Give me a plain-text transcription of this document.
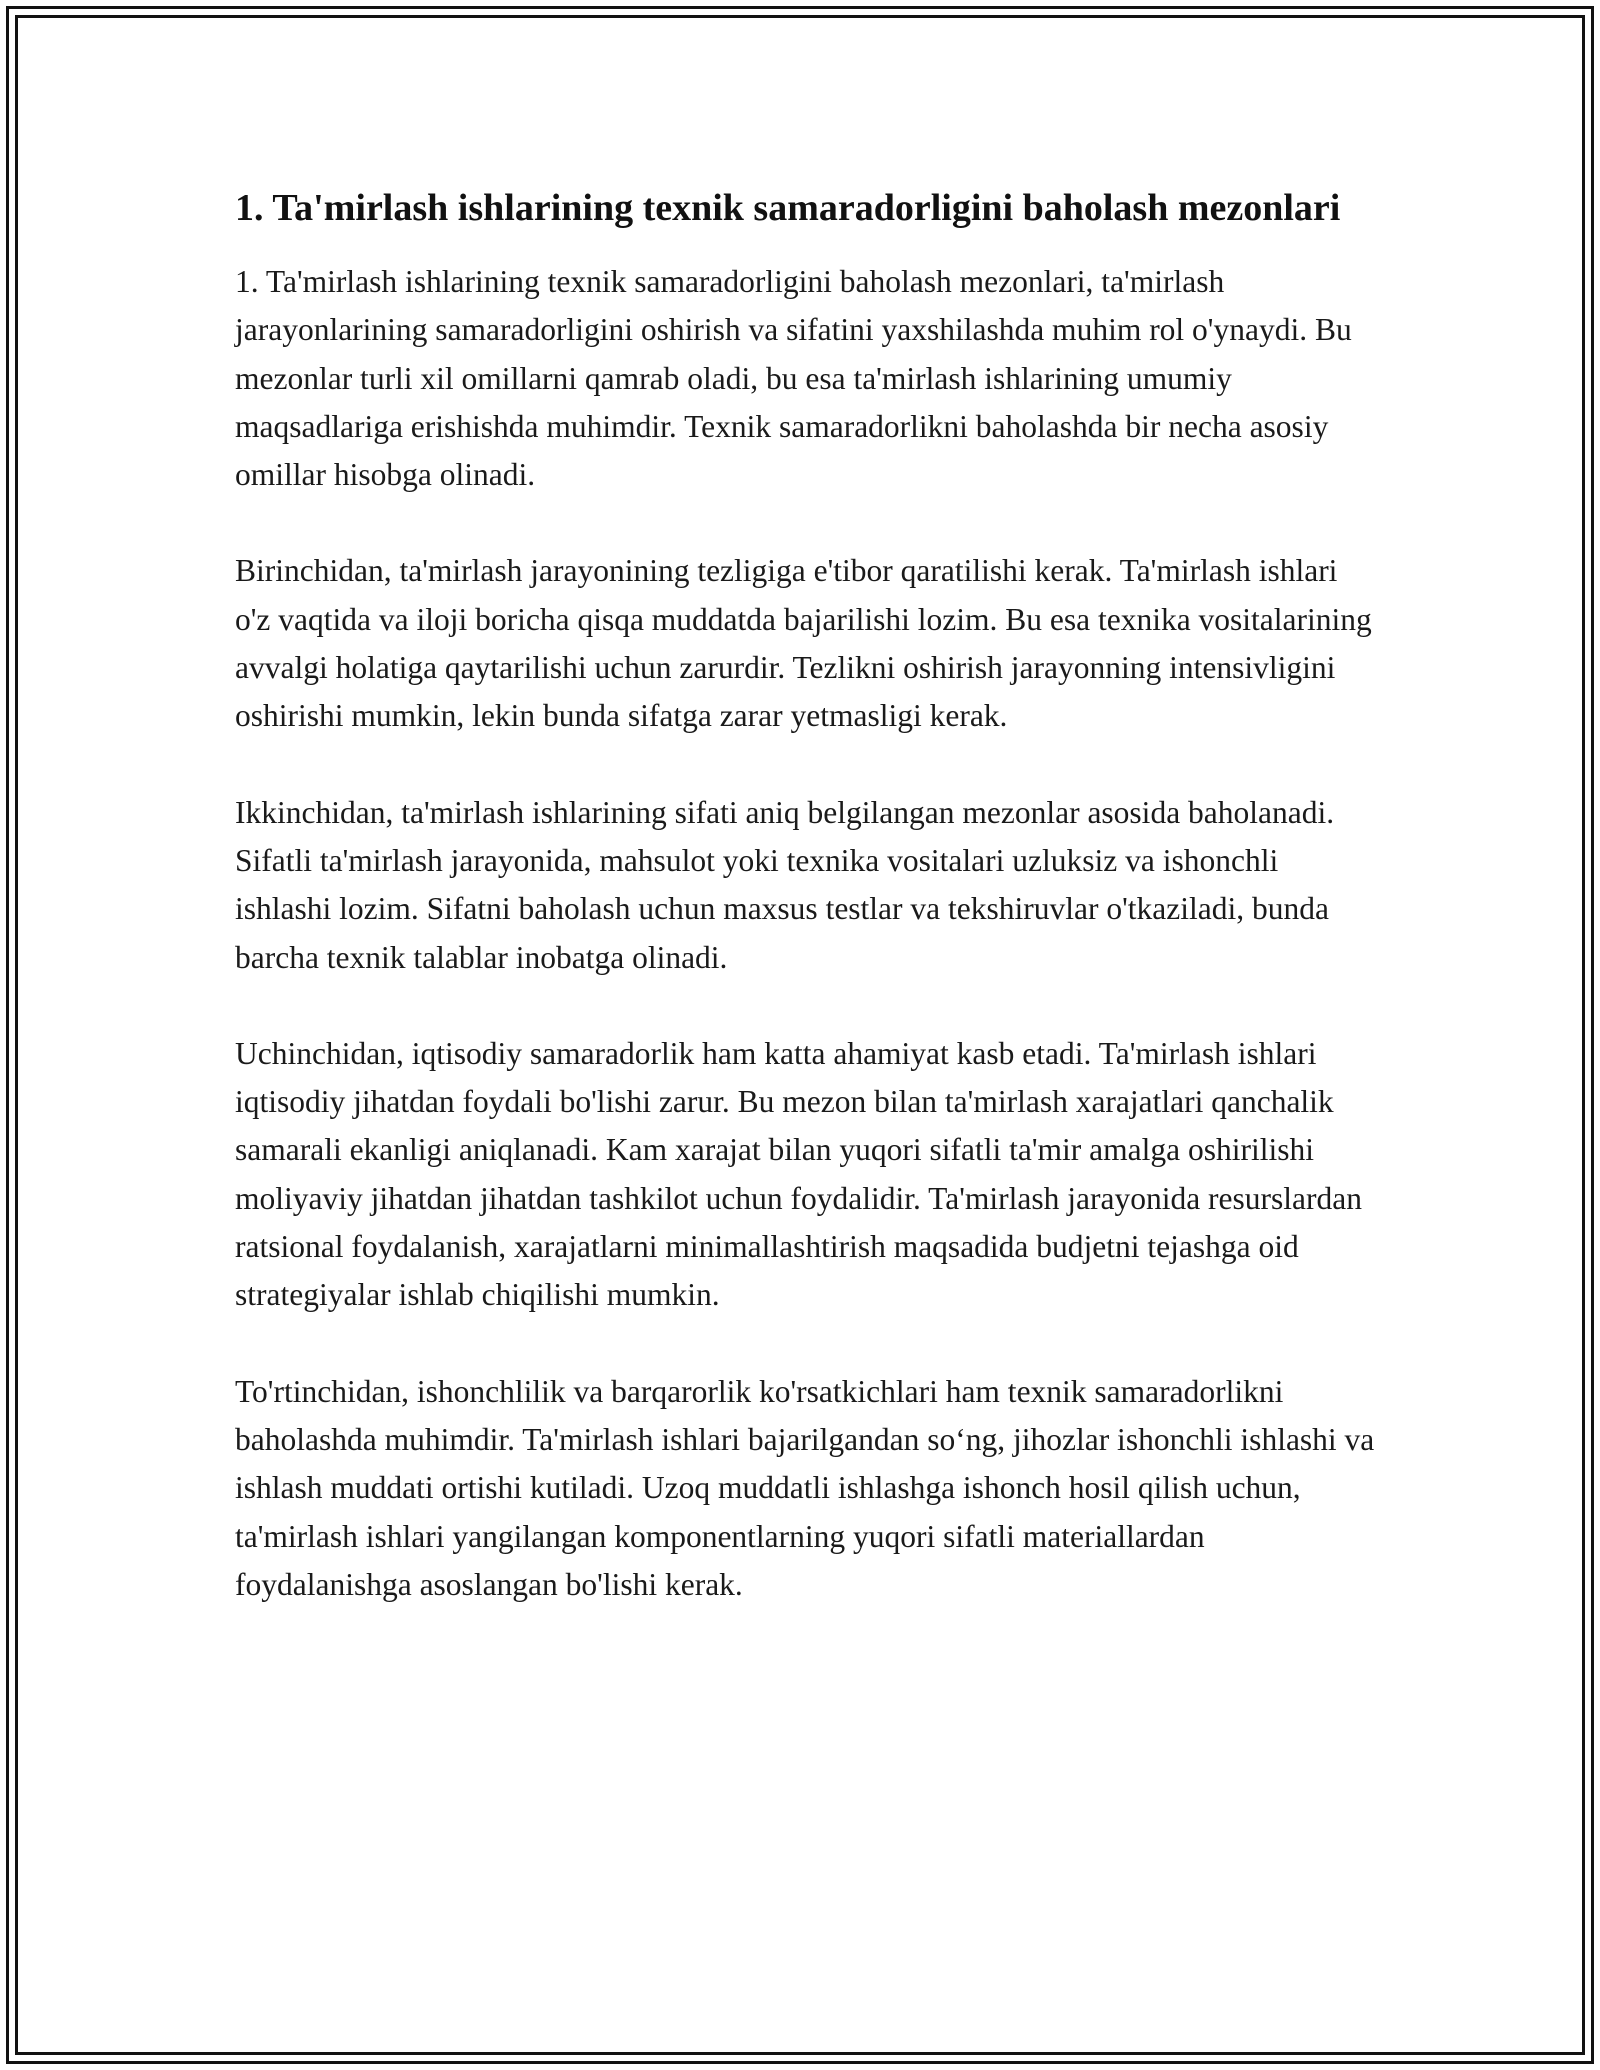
1. Ta'mirlash ishlarining texnik samaradorligini baholash mezonlari

1. Ta'mirlash ishlarining texnik samaradorligini baholash mezonlari, ta'mirlash jarayonlarining samaradorligini oshirish va sifatini yaxshilashda muhim rol o'ynaydi. Bu mezonlar turli xil omillarni qamrab oladi, bu esa ta'mirlash ishlarining umumiy maqsadlariga erishishda muhimdir. Texnik samaradorlikni baholashda bir necha asosiy omillar hisobga olinadi.

Birinchidan, ta'mirlash jarayonining tezligiga e'tibor qaratilishi kerak. Ta'mirlash ishlari o'z vaqtida va iloji boricha qisqa muddatda bajarilishi lozim. Bu esa texnika vositalarining avvalgi holatiga qaytarilishi uchun zarurdir. Tezlikni oshirish jarayonning intensivligini oshirishi mumkin, lekin bunda sifatga zarar yetmasligi kerak.

Ikkinchidan, ta'mirlash ishlarining sifati aniq belgilangan mezonlar asosida baholanadi. Sifatli ta'mirlash jarayonida, mahsulot yoki texnika vositalari uzluksiz va ishonchli ishlashi lozim. Sifatni baholash uchun maxsus testlar va tekshiruvlar o'tkaziladi, bunda barcha texnik talablar inobatga olinadi.

Uchinchidan, iqtisodiy samaradorlik ham katta ahamiyat kasb etadi. Ta'mirlash ishlari iqtisodiy jihatdan foydali bo'lishi zarur. Bu mezon bilan ta'mirlash xarajatlari qanchalik samarali ekanligi aniqlanadi. Kam xarajat bilan yuqori sifatli ta'mir amalga oshirilishi moliyaviy jihatdan jihatdan tashkilot uchun foydalidir. Ta'mirlash jarayonida resurslardan ratsional foydalanish, xarajatlarni minimallashtirish maqsadida budjetni tejashga oid strategiyalar ishlab chiqilishi mumkin.

To'rtinchidan, ishonchlilik va barqarorlik ko'rsatkichlari ham texnik samaradorlikni baholashda muhimdir. Ta'mirlash ishlari bajarilgandan so‘ng, jihozlar ishonchli ishlashi va ishlash muddati ortishi kutiladi. Uzoq muddatli ishlashga ishonch hosil qilish uchun, ta'mirlash ishlari yangilangan komponentlarning yuqori sifatli materiallardan foydalanishga asoslangan bo'lishi kerak.
